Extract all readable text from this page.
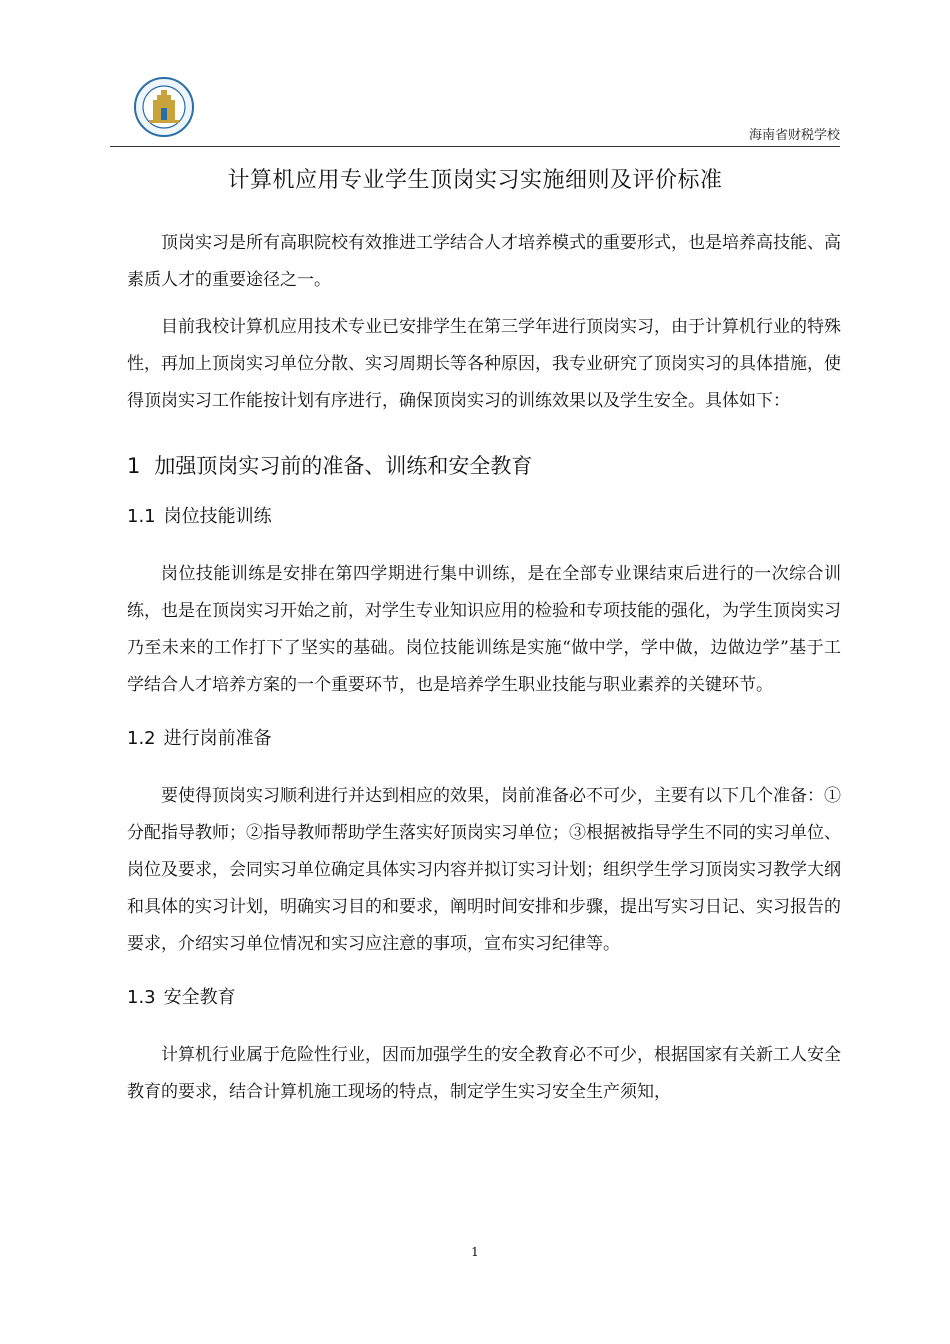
海南省财税学校
计算机应用专业学生顶岗实习实施细则及评价标准

顶岗实习是所有高职院校有效推进工学结合人才培养模式的重要形式，也是培养高技能、高素质人才的重要途径之一。

目前我校计算机应用技术专业已安排学生在第三学年进行顶岗实习，由于计算机行业的特殊性，再加上顶岗实习单位分散、实习周期长等各种原因，我专业研究了顶岗实习的具体措施，使得顶岗实习工作能按计划有序进行，确保顶岗实习的训练效果以及学生安全。具体如下：

1 加强顶岗实习前的准备、训练和安全教育
1.1 岗位技能训练

岗位技能训练是安排在第四学期进行集中训练，是在全部专业课结束后进行的一次综合训练，也是在顶岗实习开始之前，对学生专业知识应用的检验和专项技能的强化，为学生顶岗实习乃至未来的工作打下了坚实的基础。岗位技能训练是实施“做中学，学中做，边做边学”基于工学结合人才培养方案的一个重要环节，也是培养学生职业技能与职业素养的关键环节。

1.2 进行岗前准备

要使得顶岗实习顺利进行并达到相应的效果，岗前准备必不可少，主要有以下几个准备：①分配指导教师；②指导教师帮助学生落实好顶岗实习单位；③根据被指导学生不同的实习单位、岗位及要求，会同实习单位确定具体实习内容并拟订实习计划；组织学生学习顶岗实习教学大纲和具体的实习计划，明确实习目的和要求，阐明时间安排和步骤，提出写实习日记、实习报告的要求，介绍实习单位情况和实习应注意的事项，宣布实习纪律等。

1.3 安全教育

计算机行业属于危险性行业，因而加强学生的安全教育必不可少，根据国家有关新工人安全教育的要求，结合计算机施工现场的特点，制定学生实习安全生产须知，

1
